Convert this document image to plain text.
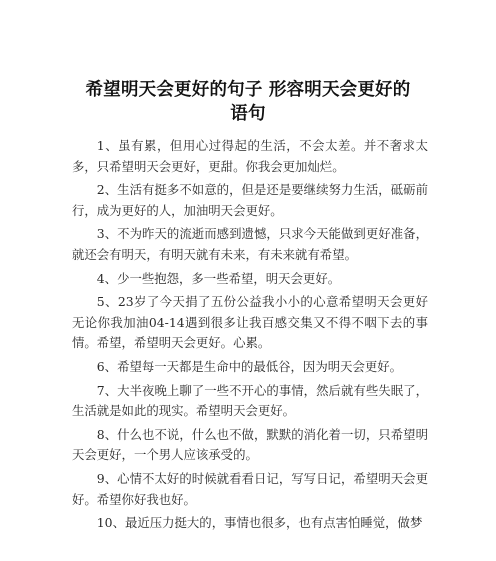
希望明天会更好的句子 形容明天会更好的
语句

1、虽有累，但用心过得起的生活，不会太差。并不奢求太多，只希望明天会更好，更甜。你我会更加灿烂。

2、生活有挺多不如意的，但是还是要继续努力生活，砥砺前行，成为更好的人，加油明天会更好。

3、不为昨天的流逝而感到遗憾，只求今天能做到更好准备，就还会有明天，有明天就有未来，有未来就有希望。

4、少一些抱怨，多一些希望，明天会更好。

5、23岁了今天捐了五份公益我小小的心意希望明天会更好无论你我加油04-14遇到很多让我百感交集又不得不咽下去的事情。希望，希望明天会更好。心累。

6、希望每一天都是生命中的最低谷，因为明天会更好。

7、大半夜晚上聊了一些不开心的事情，然后就有些失眠了，生活就是如此的现实。希望明天会更好。

8、什么也不说，什么也不做，默默的消化着一切，只希望明天会更好，一个男人应该承受的。

9、心情不太好的时候就看看日记，写写日记，希望明天会更好。希望你好我也好。

10、最近压力挺大的，事情也很多，也有点害怕睡觉，做梦
